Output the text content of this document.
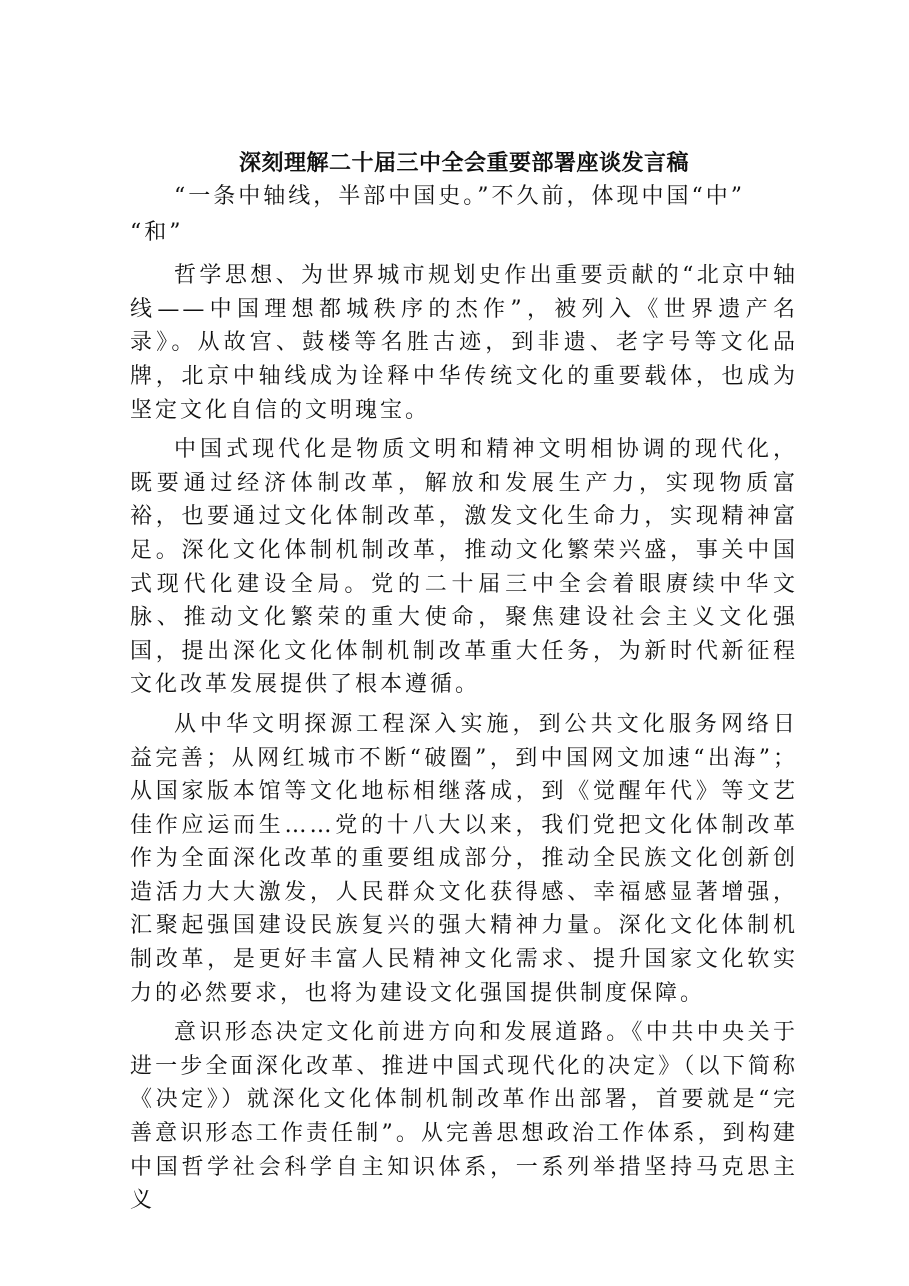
深刻理解二十届三中全会重要部署座谈发言稿

“一条中轴线，半部中国史。”不久前，体现中国“中”

“和”

哲学思想、为世界城市规划史作出重要贡献的“北京中轴线——中国理想都城秩序的杰作”，被列入《世界遗产名录》。从故宫、鼓楼等名胜古迹，到非遗、老字号等文化品牌，北京中轴线成为诠释中华传统文化的重要载体，也成为坚定文化自信的文明瑰宝。

中国式现代化是物质文明和精神文明相协调的现代化，既要通过经济体制改革，解放和发展生产力，实现物质富裕，也要通过文化体制改革，激发文化生命力，实现精神富足。深化文化体制机制改革，推动文化繁荣兴盛，事关中国式现代化建设全局。党的二十届三中全会着眼赓续中华文脉、推动文化繁荣的重大使命，聚焦建设社会主义文化强国，提出深化文化体制机制改革重大任务，为新时代新征程文化改革发展提供了根本遵循。

从中华文明探源工程深入实施，到公共文化服务网络日益完善；从网红城市不断“破圈”，到中国网文加速“出海”；从国家版本馆等文化地标相继落成，到《觉醒年代》等文艺佳作应运而生……党的十八大以来，我们党把文化体制改革作为全面深化改革的重要组成部分，推动全民族文化创新创造活力大大激发，人民群众文化获得感、幸福感显著增强，汇聚起强国建设民族复兴的强大精神力量。深化文化体制机制改革，是更好丰富人民精神文化需求、提升国家文化软实力的必然要求，也将为建设文化强国提供制度保障。

意识形态决定文化前进方向和发展道路。《中共中央关于进一步全面深化改革、推进中国式现代化的决定》（以下简称《决定》）就深化文化体制机制改革作出部署，首要就是“完善意识形态工作责任制”。从完善思想政治工作体系，到构建中国哲学社会科学自主知识体系，一系列举措坚持马克思主义
